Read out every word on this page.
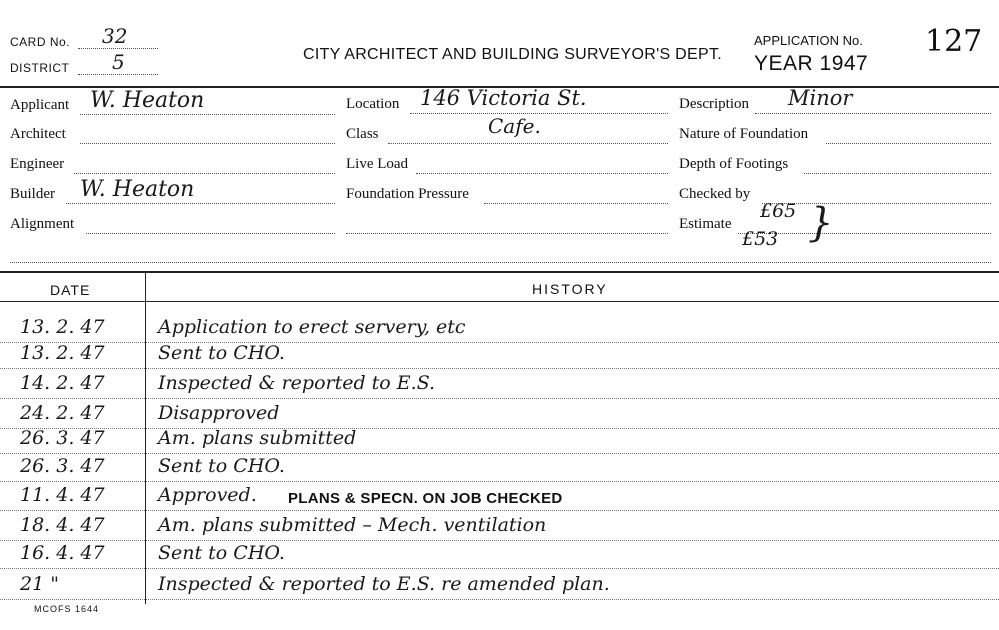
CARD No. 32
DISTRICT 5	CITY ARCHITECT AND BUILDING SURVEYOR'S DEPT.
APPLICATION No. 127
YEAR 1947
Applicant W. Heaton
Architect
Engineer
Builder W. Heaton
Alignment
Location 146 Victoria St.
Class	Cafe.
Live Load
Foundation Pressure
Description Minor
Nature of Foundation
Depth of Footings
Checked by
Estimate
£65
£53 }
DATE	HISTORY
13. 2. 47	Application to erect servery, etc
13. 2. 47	Sent to CHO.
14. 2. 47	Inspected & reported to E.S.
24. 2. 47	Disapproved
26. 3. 47	Am. plans submitted
26. 3. 47	Sent to CHO.
11. 4. 47	Approved. PLANS & SPECN. ON JOB CHECKED
18. 4. 47	Am. plans submitted – Mech. ventilation
16. 4. 47	Sent to CHO.
21 "	Inspected & reported to E.S. re amended plan.
MCOFS 1644
